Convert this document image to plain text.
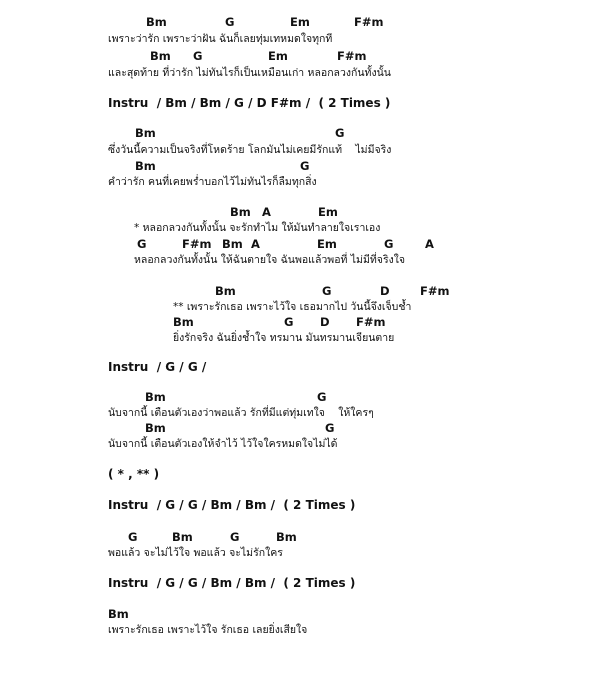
Bm

	G

	Em

	F#m

เพราะว่ารัก เพราะว่าฝัน ฉันก็เลยทุ่มเทหมดใจทุกที

Bm

G

	Em

	F#m

และสุดท้าย ที่ว่ารัก ไม่ทันไรก็เป็นเหมือนเก่า หลอกลวงกันทั้งนั้น

Instru  / Bm / Bm / G / D F#m /  ( 2 Times )

Bm

	G

ซึ่งวันนี้ความเป็นจริงที่โหดร้าย โลกมันไม่เคยมีรักแท้    ไม่มีจริง

Bm

	G

คำว่ารัก คนที่เคยพร่ำบอกไว้ไม่ทันไรก็ลืมทุกสิ่ง

Bm

A

	Em

* หลอกลวงกันทั้งนั้น จะรักทำไม ให้มันทำลายใจเราเอง

G

	F#m

Bm

A

	Em

	G

	A

หลอกลวงกันทั้งนั้น ให้ฉันตายใจ ฉันพอแล้วพอที่ ไม่มีที่จริงใจ

Bm

	G

	D

	F#m

** เพราะรักเธอ เพราะไว้ใจ เธอมากไป วันนี้จึงเจ็บช้ำ

Bm

	G

D

F#m

ยิ่งรักจริง ฉันยิ่งช้ำใจ ทรมาน มันทรมานเจียนตาย

Instru  / G / G /

Bm

	G

นับจากนี้ เตือนตัวเองว่าพอแล้ว รักที่มีแต่ทุ่มเทใจ    ให้ใครๆ

Bm

	G

นับจากนี้ เตือนตัวเองให้จำไว้ ไว้ใจใครหมดใจไม่ได้

( * , ** )

Instru  / G / G / Bm / Bm /  ( 2 Times )

G

	Bm

	G

	Bm

พอแล้ว จะไม่ไว้ใจ พอแล้ว จะไม่รักใคร

Instru  / G / G / Bm / Bm /  ( 2 Times )

Bm

เพราะรักเธอ เพราะไว้ใจ รักเธอ เลยยิ่งเสียใจ
